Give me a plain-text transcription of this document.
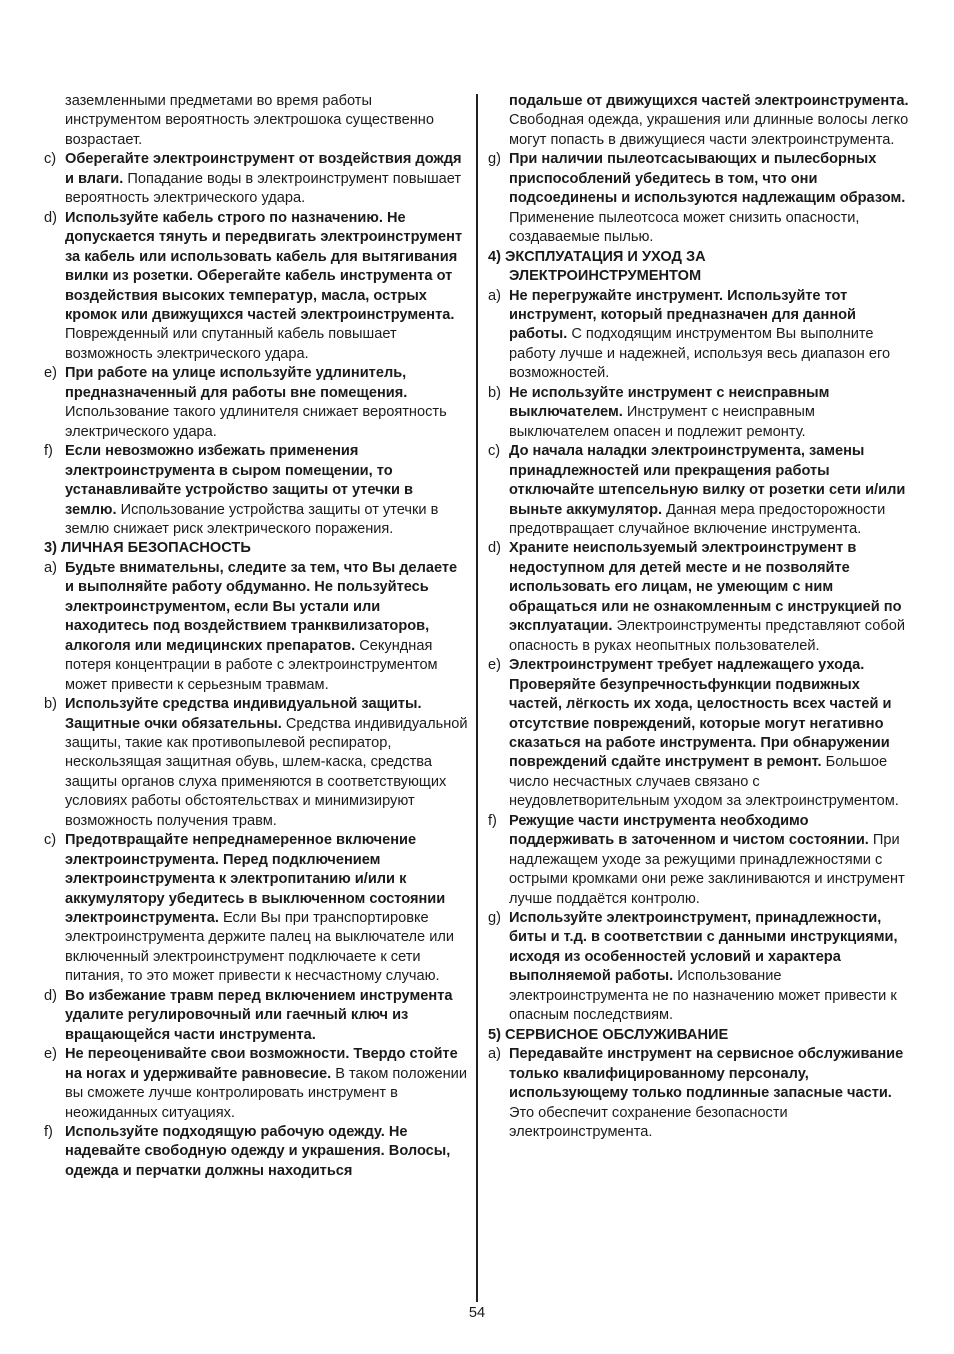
заземленными предметами во время работы инструментом вероятность электрошока существенно возрастает.

c) Оберегайте электроинструмент от воздействия дождя и влаги. Попадание воды в электроинструмент повышает вероятность электрического удара.

d) Используйте кабель строго по назначению. Не допускается тянуть и передвигать электроинструмент за кабель или использовать кабель для вытягивания вилки из розетки. Оберегайте кабель инструмента от воздействия высоких температур, масла, острых кромок или движущихся частей электроинструмента. Поврежденный или спутанный кабель повышает возможность электрического удара.

e) При работе на улице используйте удлинитель, предназначенный для работы вне помещения. Использование такого удлинителя снижает вероятность электрического удара.

f) Если невозможно избежать применения электроинструмента в сыром помещении, то устанавливайте устройство защиты от утечки в землю. Использование устройства защиты от утечки в землю снижает риск электрического поражения.

3) ЛИЧНАЯ БЕЗОПАСНОСТЬ

a) Будьте внимательны, следите за тем, что Вы делаете и выполняйте работу обдуманно. Не пользуйтесь электроинструментом, если Вы устали или находитесь под воздействием транквилизаторов, алкоголя или медицинских препаратов. Секундная потеря концентрации в работе с электроинструментом может привести к серьезным травмам.

b) Используйте средства индивидуальной защиты. Защитные очки обязательны. Средства индивидуальной защиты, такие как противопылевой респиратор, нескользящая защитная обувь, шлем-каска, средства защиты органов слуха применяются в соответствующих условиях работы обстоятельствах и минимизируют возможность получения травм.

c) Предотвращайте непреднамеренное включение электроинструмента. Перед подключением электроинструмента к электропитанию и/или к аккумулятору убедитесь в выключенном состоянии электроинструмента. Если Вы при транспортировке электроинструмента держите палец на выключателе или включенный электроинструмент подключаете к сети питания, то это может привести к несчастному случаю.

d) Во избежание травм перед включением инструмента удалите регулировочный или гаечный ключ из вращающейся части инструмента.

e) Не переоценивайте свои возможности. Твердо стойте на ногах и удерживайте равновесие. В таком положении вы сможете лучше контролировать инструмент в неожиданных ситуациях.

f) Используйте подходящую рабочую одежду. Не надевайте свободную одежду и украшения. Волосы, одежда и перчатки должны находиться

подальше от движущихся частей электроинструмента. Свободная одежда, украшения или длинные волосы легко могут попасть в движущиеся части электроинструмента.

g) При наличии пылеотсасывающих и пылесборных приспособлений убедитесь в том, что они подсоединены и используются надлежащим образом. Применение пылеотсоса может снизить опасности, создаваемые пылью.

4) ЭКСПЛУАТАЦИЯ И УХОД ЗА

ЭЛЕКТРОИНСТРУМЕНТОМ

a) Не перегружайте инструмент. Используйте тот инструмент, который предназначен для данной работы. С подходящим инструментом Вы выполните работу лучше и надежней, используя весь диапазон его возможностей.

b) Не используйте инструмент с неисправным выключателем. Инструмент с неисправным выключателем опасен и подлежит ремонту.

c) До начала наладки электроинструмента, замены принадлежностей или прекращения работы отключайте штепсельную вилку от розетки сети и/или выньте аккумулятор. Данная мера предосторожности предотвращает случайное включение инструмента.

d) Храните неиспользуемый электроинструмент в недоступном для детей месте и не позволяйте использовать его лицам, не умеющим с ним обращаться или не ознакомленным с инструкцией по эксплуатации. Электроинструменты представляют собой опасность в руках неопытных пользователей.

e) Электроинструмент требует надлежащего ухода. Проверяйте безупречностьфункции подвижных частей, лёгкость их хода, целостность всех частей и отсутствие повреждений, которые могут негативно сказаться на работе инструмента. При обнаружении повреждений сдайте инструмент в ремонт. Большое число несчастных случаев связано с неудовлетворительным уходом за электроинструментом.

f) Режущие части инструмента необходимо поддерживать в заточенном и чистом состоянии. При надлежащем уходе за режущими принадлежностями с острыми кромками они реже заклиниваются и инструмент лучше поддаётся контролю.

g) Используйте электроинструмент, принадлежности, биты и т.д. в соответствии с данными инструкциями, исходя из особенностей условий и характера выполняемой работы. Использование электроинструмента не по назначению может привести к опасным последствиям.

5) СЕРВИСНОЕ ОБСЛУЖИВАНИЕ

a) Передавайте инструмент на сервисное обслуживание только квалифицированному персоналу, использующему только подлинные запасные части. Это обеспечит сохранение безопасности электроинструмента.

54
